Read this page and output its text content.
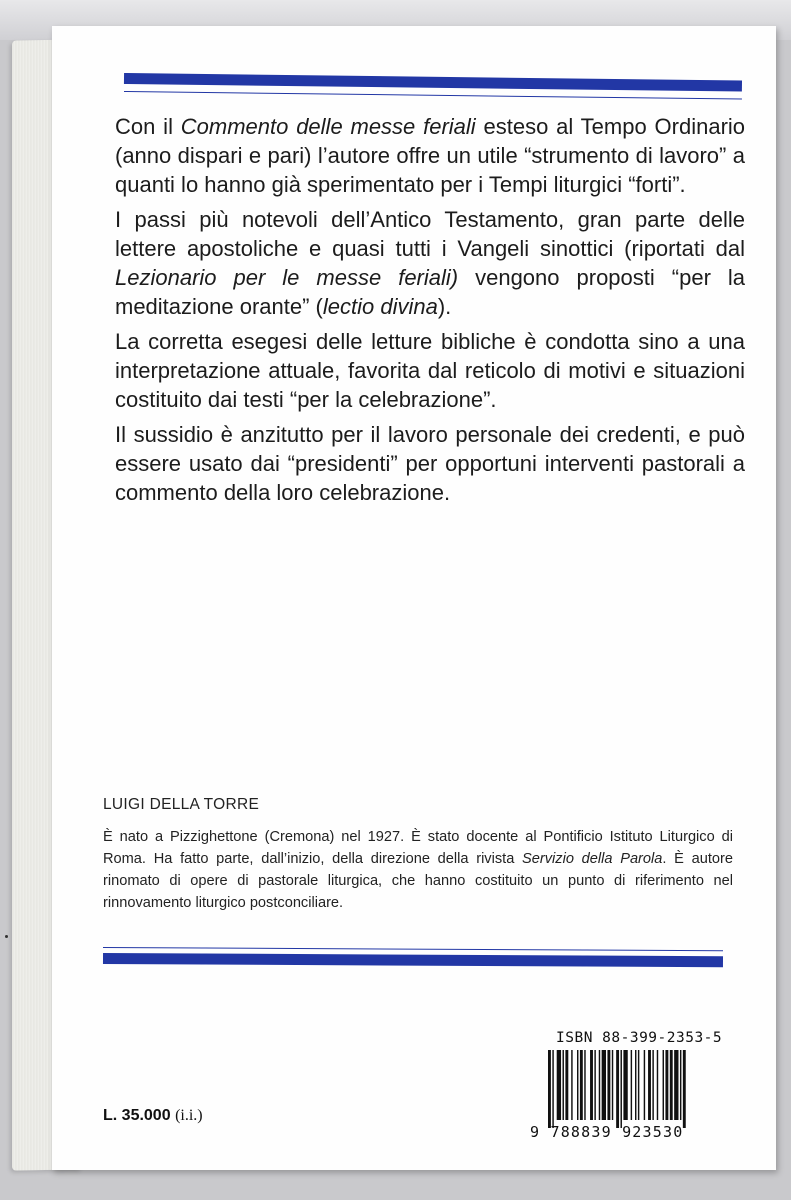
Con il Commento delle messe feriali esteso al Tempo Ordinario (anno dispari e pari) l’autore offre un utile “strumento di lavoro” a quanti lo hanno già sperimentato per i Tempi liturgici “forti”.

I passi più notevoli dell’Antico Testamento, gran parte delle lettere apostoliche e quasi tutti i Vangeli sinottici (riportati dal Lezionario per le messe feriali) vengono proposti “per la meditazione orante” (lectio divina).

La corretta esegesi delle letture bibliche è condotta sino a una interpretazione attuale, favorita dal reticolo di motivi e situazioni costituito dai testi “per la celebrazione”.

Il sussidio è anzitutto per il lavoro personale dei credenti, e può essere usato dai “presidenti” per opportuni interventi pastorali a commento della loro celebrazione.

LUIGI DELLA TORRE
È nato a Pizzighettone (Cremona) nel 1927. È stato docente al Pontificio Istituto Liturgico di Roma. Ha fatto parte, dall’inizio, della direzione della rivista Servizio della Parola. È autore rinomato di opere di pastorale liturgica, che hanno costituito un punto di riferimento nel rinnovamento liturgico postconciliare.
ISBN 88-399-2353-5
9 788839 923530
L. 35.000 (i.i.)
